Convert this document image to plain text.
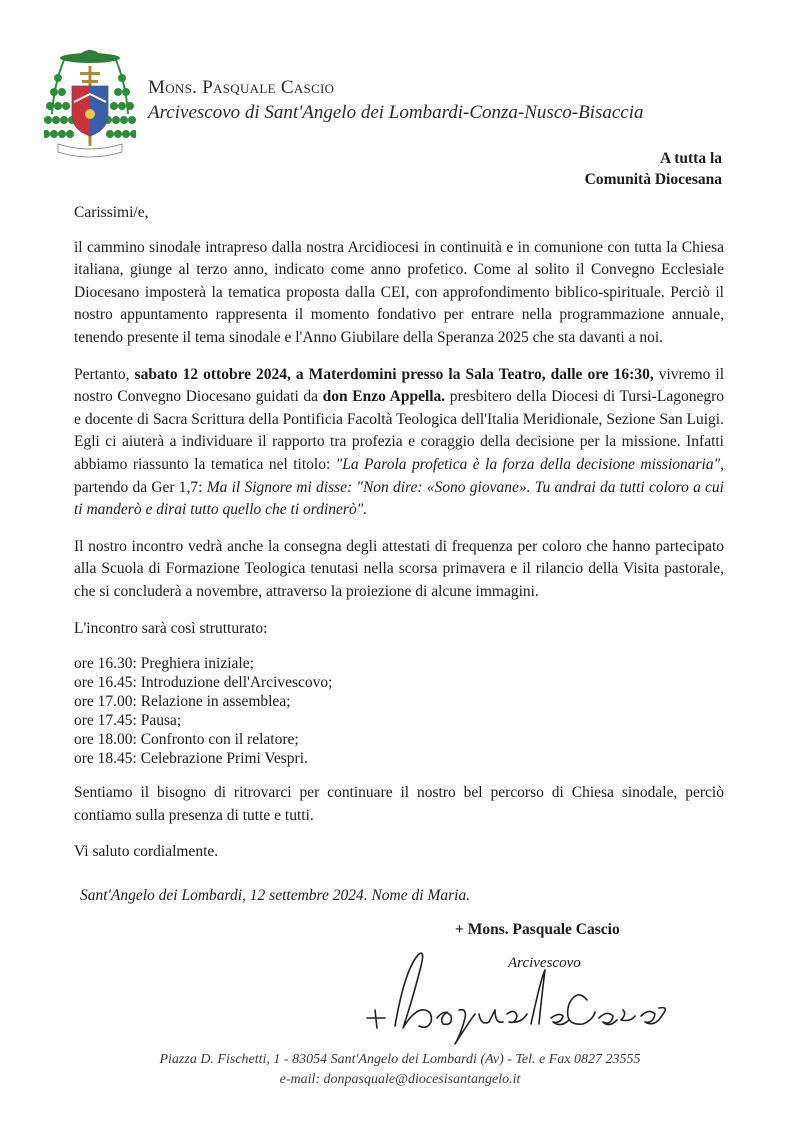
Mons. Pasquale Cascio
Arcivescovo di Sant'Angelo dei Lombardi-Conza-Nusco-Bisaccia
A tutta la
Comunità Diocesana

Carissimi/e,

il cammino sinodale intrapreso dalla nostra Arcidiocesi in continuità e in comunione con tutta la Chiesa italiana, giunge al terzo anno, indicato come anno profetico. Come al solito il Convegno Ecclesiale Diocesano imposterà la tematica proposta dalla CEI, con approfondimento biblico-spirituale. Perciò il nostro appuntamento rappresenta il momento fondativo per entrare nella programmazione annuale, tenendo presente il tema sinodale e l'Anno Giubilare della Speranza 2025 che sta davanti a noi.

Pertanto, sabato 12 ottobre 2024, a Materdomini presso la Sala Teatro, dalle ore 16:30, vivremo il nostro Convegno Diocesano guidati da don Enzo Appella. presbitero della Diocesi di Tursi-Lagonegro e docente di Sacra Scrittura della Pontificia Facoltà Teologica dell'Italia Meridionale, Sezione San Luigi. Egli ci aiuterà a individuare il rapporto tra profezia e coraggio della decisione per la missione. Infatti abbiamo riassunto la tematica nel titolo: "La Parola profetica è la forza della decisione missionaria", partendo da Ger 1,7: Ma il Signore mi disse: "Non dire: «Sono giovane». Tu andrai da tutti coloro a cui ti manderò e dirai tutto quello che ti ordinerò".

Il nostro incontro vedrà anche la consegna degli attestati di frequenza per coloro che hanno partecipato alla Scuola di Formazione Teologica tenutasi nella scorsa primavera e il rilancio della Visita pastorale, che si concluderà a novembre, attraverso la proiezione di alcune immagini.

L'incontro sarà così strutturato:

ore 16.30: Preghiera iniziale;
ore 16.45: Introduzione dell'Arcivescovo;
ore 17.00: Relazione in assemblea;
ore 17.45: Pausa;
ore 18.00: Confronto con il relatore;
ore 18.45: Celebrazione Primi Vespri.

Sentiamo il bisogno di ritrovarci per continuare il nostro bel percorso di Chiesa sinodale, perciò contiamo sulla presenza di tutte e tutti.

Vi saluto cordialmente.

Sant'Angelo dei Lombardi, 12 settembre 2024. Nome di Maria.
+ Mons. Pasquale Cascio
Arcivescovo
Piazza D. Fischetti, 1 - 83054 Sant'Angelo dei Lombardi (Av) - Tel. e Fax 0827 23555
e-mail: donpasquale@diocesisantangelo.it
